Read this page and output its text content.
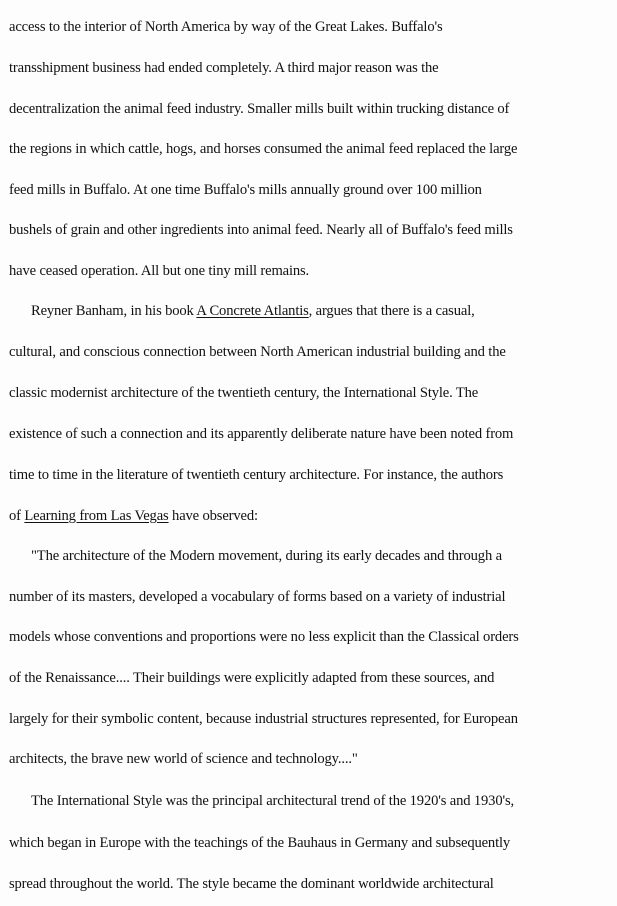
access to the interior of North America by way of the Great Lakes. Buffalo's
transshipment business had ended completely. A third major reason was the
decentralization the animal feed industry. Smaller mills built within trucking distance of
the regions in which cattle, hogs, and horses consumed the animal feed replaced the large
feed mills in Buffalo. At one time Buffalo's mills annually ground over 100 million
bushels of grain and other ingredients into animal feed. Nearly all of Buffalo's feed mills
have ceased operation. All but one tiny mill remains.
Reyner Banham, in his book A Concrete Atlantis, argues that there is a casual,
cultural, and conscious connection between North American industrial building and the
classic modernist architecture of the twentieth century, the International Style. The
existence of such a connection and its apparently deliberate nature have been noted from
time to time in the literature of twentieth century architecture. For instance, the authors
of Learning from Las Vegas have observed:
"The architecture of the Modern movement, during its early decades and through a
number of its masters, developed a vocabulary of forms based on a variety of industrial
models whose conventions and proportions were no less explicit than the Classical orders
of the Renaissance.... Their buildings were explicitly adapted from these sources, and
largely for their symbolic content, because industrial structures represented, for European
architects, the brave new world of science and technology...."
The International Style was the principal architectural trend of the 1920's and 1930's,
which began in Europe with the teachings of the Bauhaus in Germany and subsequently
spread throughout the world. The style became the dominant worldwide architectural
